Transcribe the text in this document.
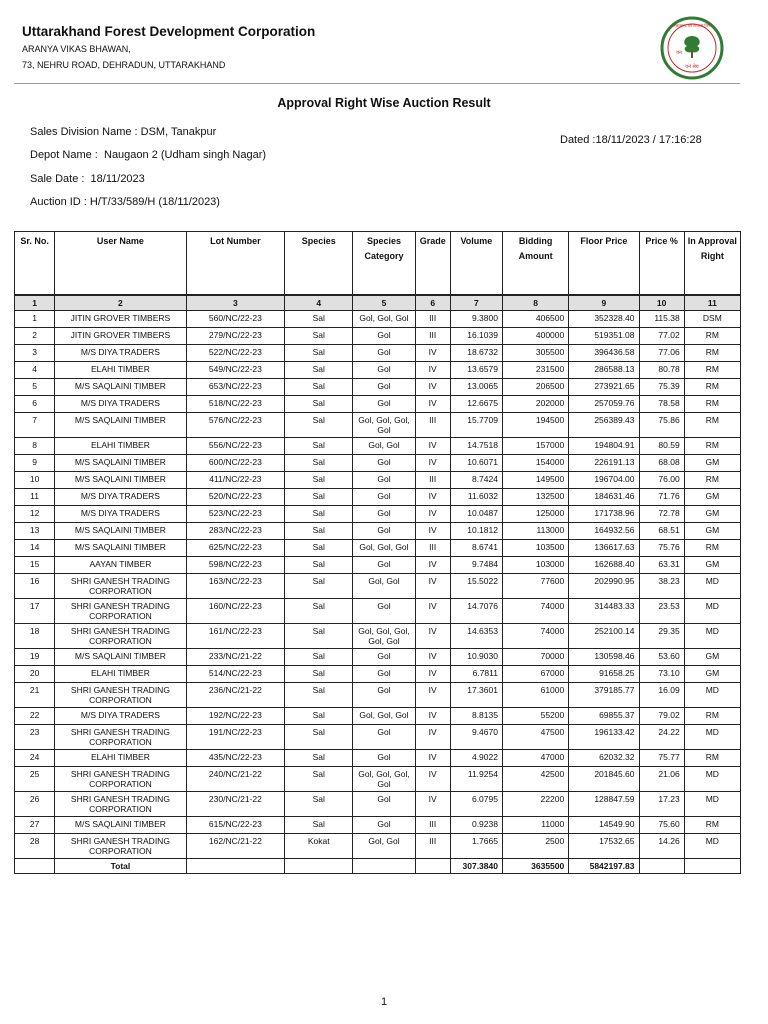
Uttarakhand Forest Development Corporation
ARANYA VIKAS BHAWAN,
73, NEHRU ROAD, DEHRADUN, UTTARAKHAND
उत्तराखण्ड वन विकास निगम
वन
वनं श्रेय
Approval Right Wise Auction Result
Sales Division Name : DSM, Tanakpur
Depot Name : Naugaon 2 (Udham singh Nagar)
Sale Date : 18/11/2023
Auction ID : H/T/33/589/H (18/11/2023)
Dated :18/11/2023 / 17:16:28
Sr. No.	User Name	Lot Number	Species	Species Category	Grade	Volume	Bidding Amount	Floor Price	Price %	In Approval Right
1	2	3	4	5	6	7	8	9	10	11
1	JITIN GROVER TIMBERS	560/NC/22-23	Sal	Gol, Gol, Gol	III	9.3800	406500	352328.40	115.38	DSM
2	JITIN GROVER TIMBERS	279/NC/22-23	Sal	Gol	III	16.1039	400000	519351.08	77.02	RM
3	M/S DIYA TRADERS	522/NC/22-23	Sal	Gol	IV	18.6732	305500	396436.58	77.06	RM
4	ELAHI TIMBER	549/NC/22-23	Sal	Gol	IV	13.6579	231500	286588.13	80.78	RM
5	M/S SAQLAINI TIMBER	653/NC/22-23	Sal	Gol	IV	13.0065	206500	273921.65	75.39	RM
6	M/S DIYA TRADERS	518/NC/22-23	Sal	Gol	IV	12.6675	202000	257059.76	78.58	RM
7	M/S SAQLAINI TIMBER	576/NC/22-23	Sal	Gol, Gol, Gol, Gol	III	15.7709	194500	256389.43	75.86	RM
8	ELAHI TIMBER	556/NC/22-23	Sal	Gol, Gol	IV	14.7518	157000	194804.91	80.59	RM
9	M/S SAQLAINI TIMBER	600/NC/22-23	Sal	Gol	IV	10.6071	154000	226191.13	68.08	GM
10	M/S SAQLAINI TIMBER	411/NC/22-23	Sal	Gol	III	8.7424	149500	196704.00	76.00	RM
11	M/S DIYA TRADERS	520/NC/22-23	Sal	Gol	IV	11.6032	132500	184631.46	71.76	GM
12	M/S DIYA TRADERS	523/NC/22-23	Sal	Gol	IV	10.0487	125000	171738.96	72.78	GM
13	M/S SAQLAINI TIMBER	283/NC/22-23	Sal	Gol	IV	10.1812	113000	164932.56	68.51	GM
14	M/S SAQLAINI TIMBER	625/NC/22-23	Sal	Gol, Gol, Gol	III	8.6741	103500	136617.63	75.76	RM
15	AAYAN TIMBER	598/NC/22-23	Sal	Gol	IV	9.7484	103000	162688.40	63.31	GM
16	SHRI GANESH TRADING CORPORATION	163/NC/22-23	Sal	Gol, Gol	IV	15.5022	77600	202990.95	38.23	MD
17	SHRI GANESH TRADING CORPORATION	160/NC/22-23	Sal	Gol	IV	14.7076	74000	314483.33	23.53	MD
18	SHRI GANESH TRADING CORPORATION	161/NC/22-23	Sal	Gol, Gol, Gol, Gol, Gol	IV	14.6353	74000	252100.14	29.35	MD
19	M/S SAQLAINI TIMBER	233/NC/21-22	Sal	Gol	IV	10.9030	70000	130598.46	53.60	GM
20	ELAHI TIMBER	514/NC/22-23	Sal	Gol	IV	6.7811	67000	91658.25	73.10	GM
21	SHRI GANESH TRADING CORPORATION	236/NC/21-22	Sal	Gol	IV	17.3601	61000	379185.77	16.09	MD
22	M/S DIYA TRADERS	192/NC/22-23	Sal	Gol, Gol, Gol	IV	8.8135	55200	69855.37	79.02	RM
23	SHRI GANESH TRADING CORPORATION	191/NC/22-23	Sal	Gol	IV	9.4670	47500	196133.42	24.22	MD
24	ELAHI TIMBER	435/NC/22-23	Sal	Gol	IV	4.9022	47000	62032.32	75.77	RM
25	SHRI GANESH TRADING CORPORATION	240/NC/21-22	Sal	Gol, Gol, Gol, Gol	IV	11.9254	42500	201845.60	21.06	MD
26	SHRI GANESH TRADING CORPORATION	230/NC/21-22	Sal	Gol	IV	6.0795	22200	128847.59	17.23	MD
27	M/S SAQLAINI TIMBER	615/NC/22-23	Sal	Gol	III	0.9238	11000	14549.90	75.60	RM
28	SHRI GANESH TRADING CORPORATION	162/NC/21-22	Kokat	Gol, Gol	III	1.7665	2500	17532.65	14.26	MD
	Total					307.3840	3635500	5842197.83		
1
